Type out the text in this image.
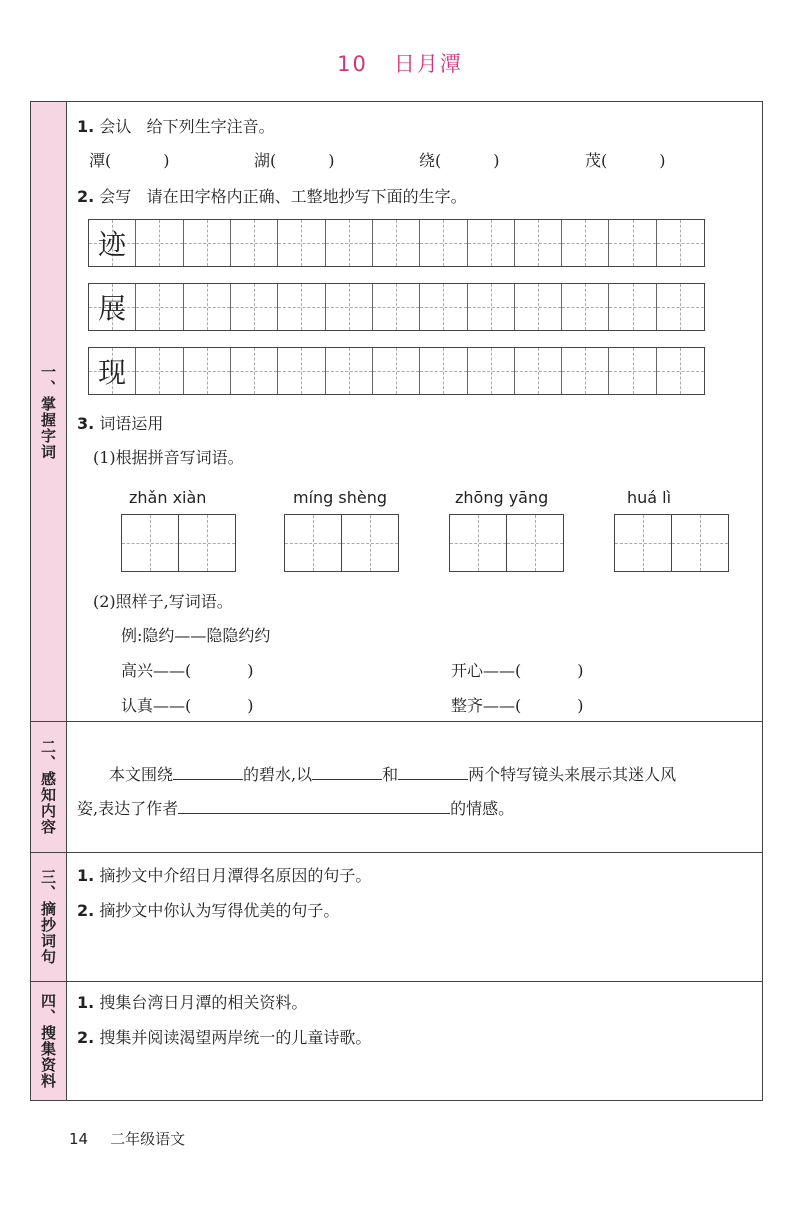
10 日月潭
一、掌握字词
1. 会认 给下列生字注音。
潭(	)	湖(	)	绕(	)	茂(	)
2. 会写 请在田字格内正确、工整地抄写下面的生字。
迹
展
现
3. 词语运用
(1)根据拼音写词语。
zhǎn xiàn	míng shèng	zhōng yāng	huá lì
(2)照样子,写词语。
例:隐约——隐隐约约
高兴——(	)	开心——(	)
认真——(	)	整齐——(	)
二、感知内容	本文围绕	的碧水,以	和	两个特写镜头来展示其迷人风
姿,表达了作者	的情感。
三、摘抄词句 1. 摘抄文中介绍日月潭得名原因的句子。
2. 摘抄文中你认为写得优美的句子。
四、搜集资料 1. 搜集台湾日月潭的相关资料。
2. 搜集并阅读渴望两岸统一的儿童诗歌。
14 二年级语文
